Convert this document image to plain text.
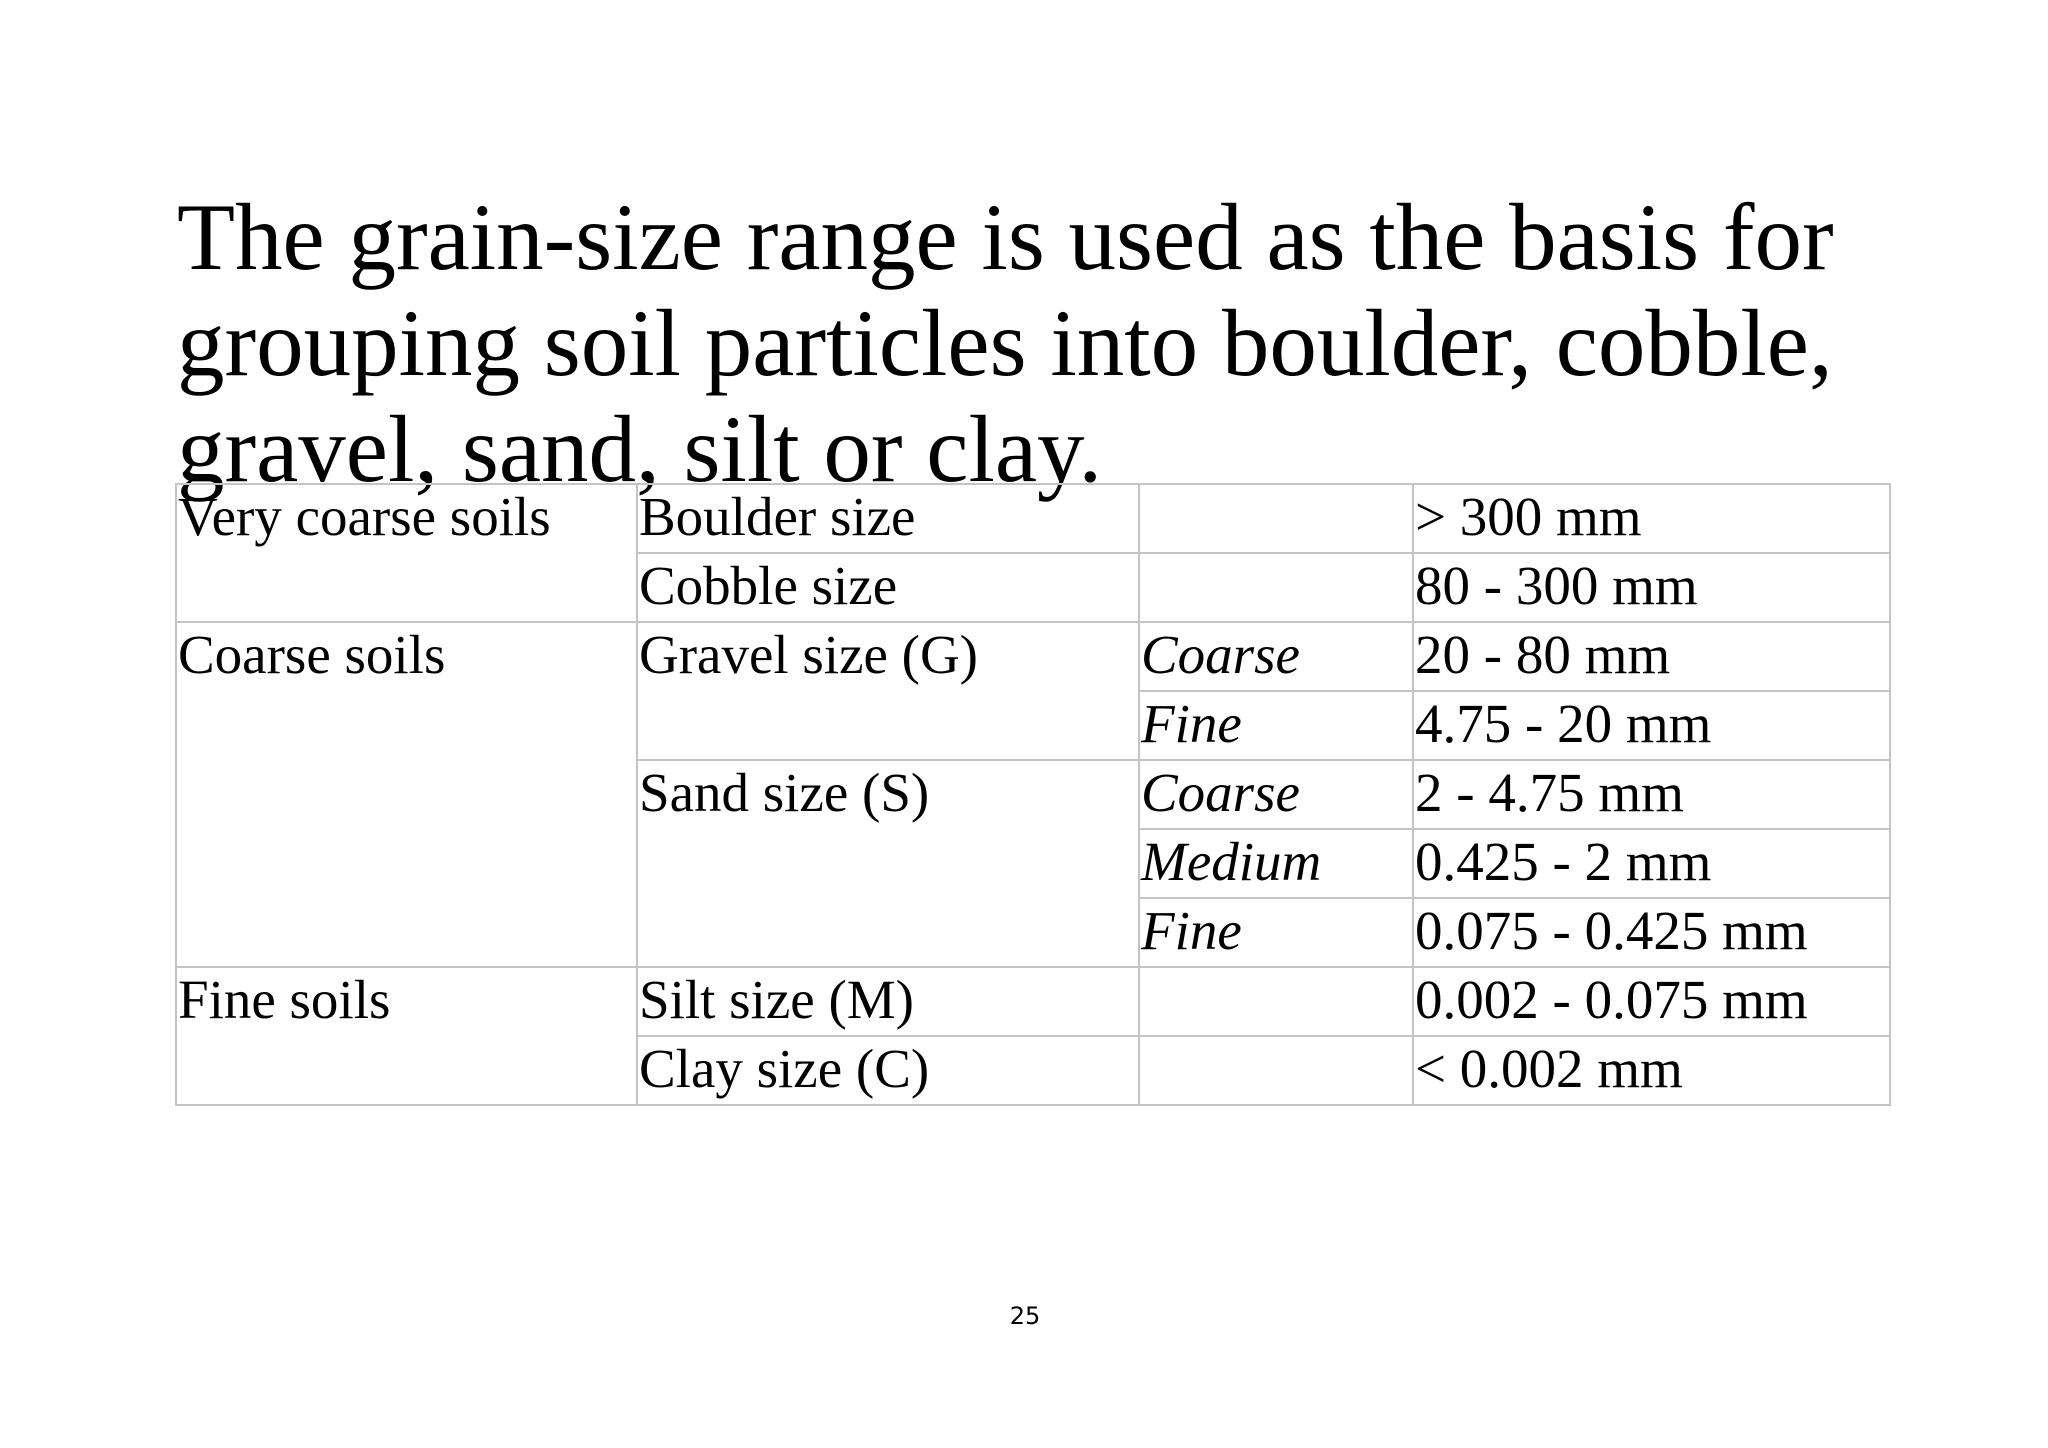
The grain-size range is used as the basis for
grouping soil particles into boulder, cobble,
gravel, sand, silt or clay.
Very coarse soils	Boulder size		> 300 mm
	Cobble size		80 - 300 mm
Coarse soils	Gravel size (G)	Coarse	20 - 80 mm
		Fine	4.75 - 20 mm
	Sand size (S)	Coarse	2 - 4.75 mm
		Medium	0.425 - 2 mm
		Fine	0.075 - 0.425 mm
Fine soils	Silt size (M)		0.002 - 0.075 mm
	Clay size (C)		< 0.002 mm
25
